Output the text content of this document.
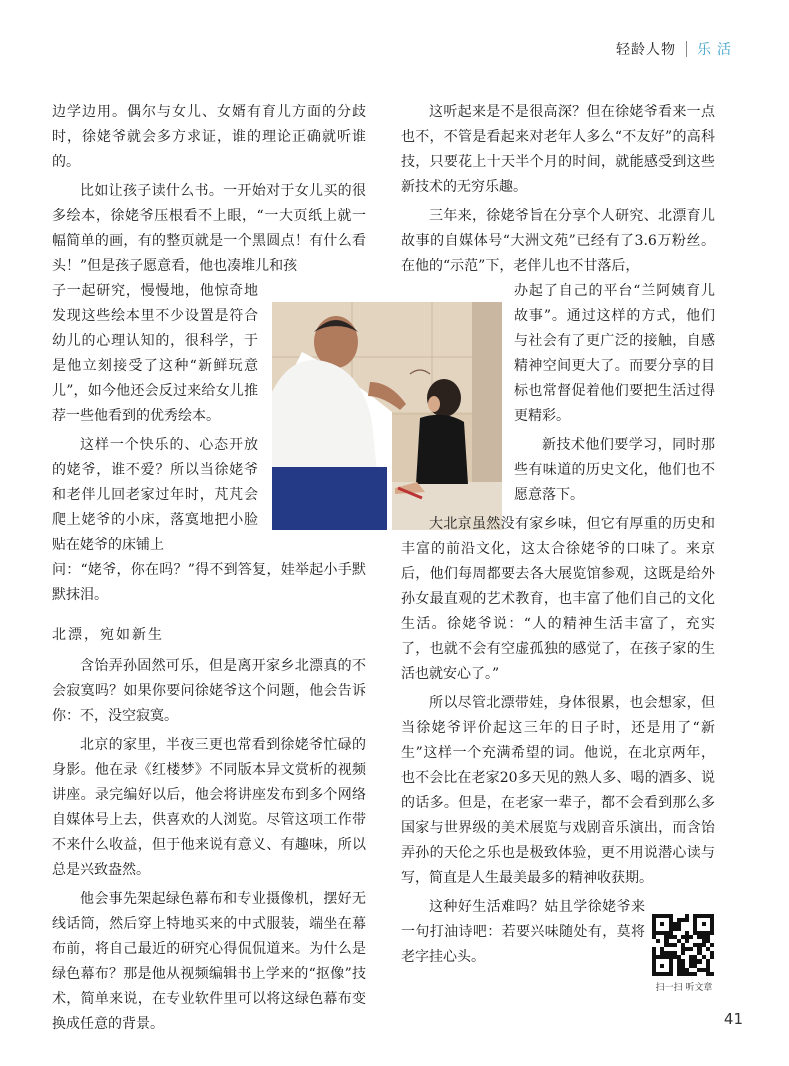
轻龄人物 乐活

边学边用。偶尔与女儿、女婿有育儿方面的分歧时，徐姥爷就会多方求证，谁的理论正确就听谁的。

比如让孩子读什么书。一开始对于女儿买的很多绘本，徐姥爷压根看不上眼，“一大页纸上就一幅简单的画，有的整页就是一个黑圆点！有什么看头！”但是孩子愿意看，他也凑堆儿和孩

子一起研究，慢慢地，他惊奇地发现这些绘本里不少设置是符合幼儿的心理认知的，很科学，于是他立刻接受了这种“新鲜玩意儿”，如今他还会反过来给女儿推荐一些他看到的优秀绘本。

这样一个快乐的、心态开放的姥爷，谁不爱？所以当徐姥爷和老伴儿回老家过年时，芃芃会爬上姥爷的小床，落寞地把小脸贴在姥爷的床铺上

问：“姥爷，你在吗？”得不到答复，娃举起小手默默抹泪。

北漂，宛如新生

含饴弄孙固然可乐，但是离开家乡北漂真的不会寂寞吗？如果你要问徐姥爷这个问题，他会告诉你：不，没空寂寞。

北京的家里，半夜三更也常看到徐姥爷忙碌的身影。他在录《红楼梦》不同版本异文赏析的视频讲座。录完编好以后，他会将讲座发布到多个网络自媒体号上去，供喜欢的人浏览。尽管这项工作带不来什么收益，但于他来说有意义、有趣味，所以总是兴致盎然。

他会事先架起绿色幕布和专业摄像机，摆好无线话筒，然后穿上特地买来的中式服装，端坐在幕布前，将自己最近的研究心得侃侃道来。为什么是绿色幕布？那是他从视频编辑书上学来的“抠像”技术，简单来说，在专业软件里可以将这绿色幕布变换成任意的背景。

这听起来是不是很高深？但在徐姥爷看来一点也不，不管是看起来对老年人多么“不友好”的高科技，只要花上十天半个月的时间，就能感受到这些新技术的无穷乐趣。

三年来，徐姥爷旨在分享个人研究、北漂育儿故事的自媒体号“大洲文苑”已经有了3.6万粉丝。在他的“示范”下，老伴儿也不甘落后，

办起了自己的平台“兰阿姨育儿故事”。通过这样的方式，他们与社会有了更广泛的接触，自感精神空间更大了。而要分享的目标也常督促着他们要把生活过得更精彩。

新技术他们要学习，同时那些有味道的历史文化，他们也不愿意落下。

大北京虽然没有家乡味，但它有厚重的历史和丰富的前沿文化，这太合徐姥爷的口味了。来京后，他们每周都要去各大展览馆参观，这既是给外孙女最直观的艺术教育，也丰富了他们自己的文化生活。徐姥爷说：“人的精神生活丰富了，充实了，也就不会有空虚孤独的感觉了，在孩子家的生活也就安心了。”

所以尽管北漂带娃，身体很累，也会想家，但当徐姥爷评价起这三年的日子时，还是用了“新生”这样一个充满希望的词。他说，在北京两年，也不会比在老家20多天见的熟人多、喝的酒多、说的话多。但是，在老家一辈子，都不会看到那么多国家与世界级的美术展览与戏剧音乐演出，而含饴弄孙的天伦之乐也是极致体验，更不用说潜心读与写，简直是人生最美最多的精神收获期。

这种好生活难吗？姑且学徐姥爷来一句打油诗吧：若要兴味随处有，莫将老字挂心头。

扫一扫 听文章
41
